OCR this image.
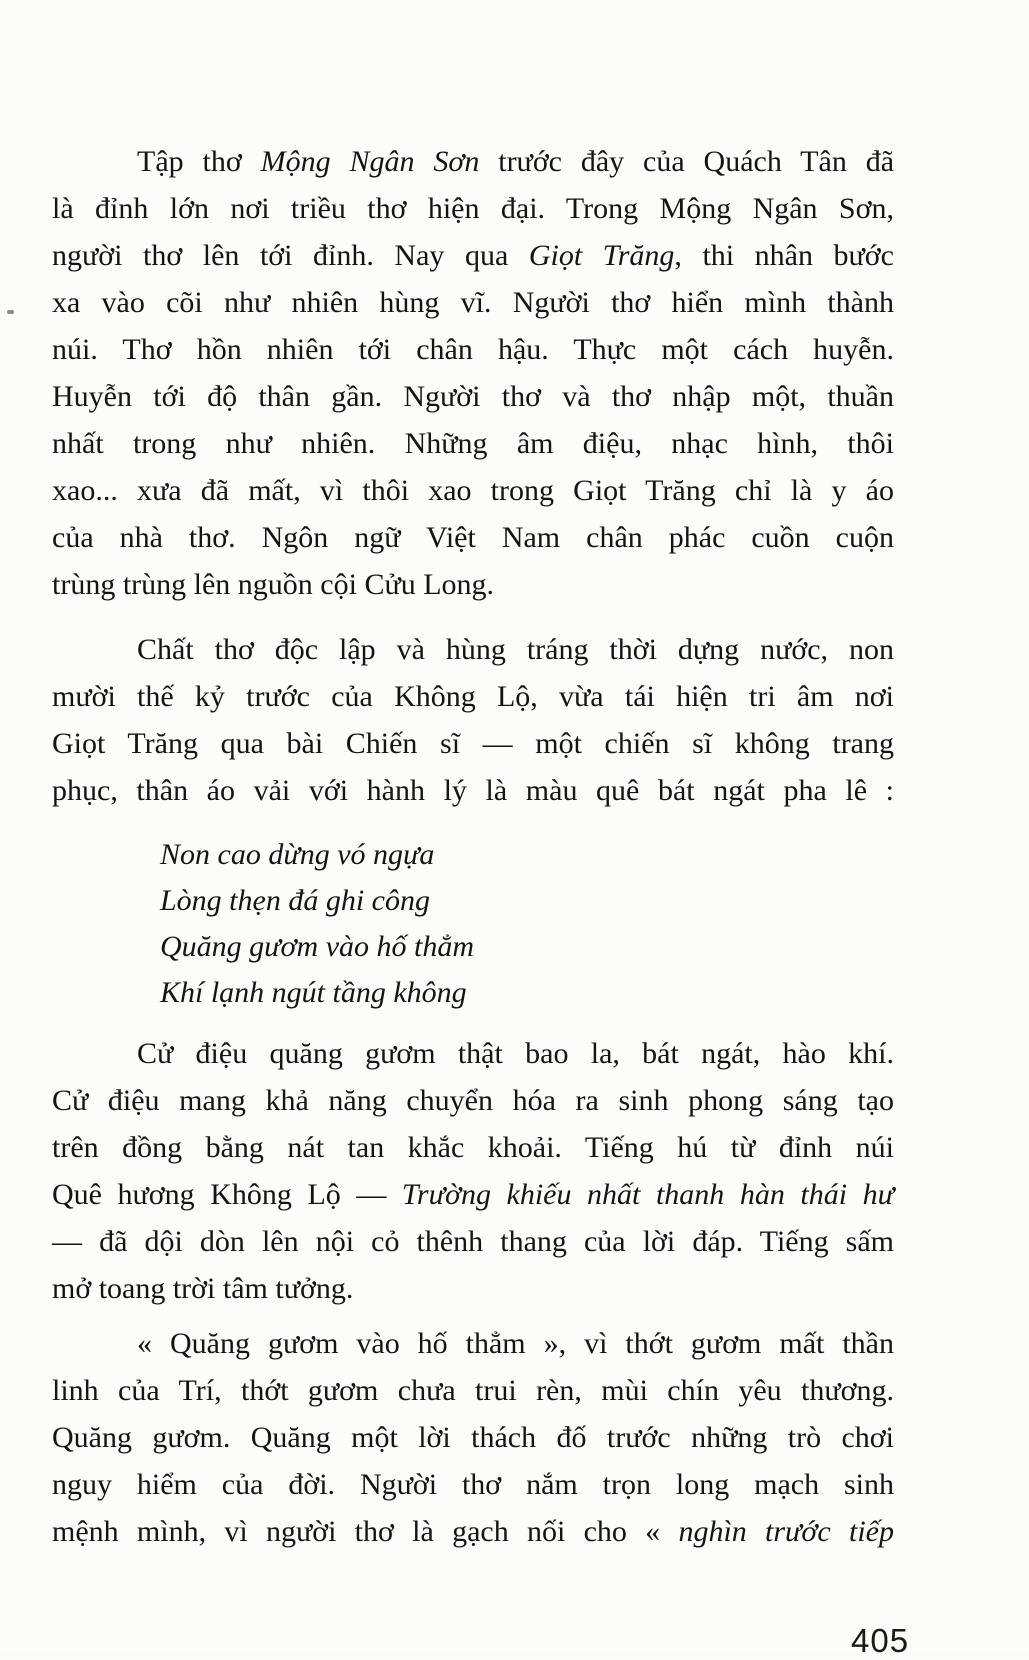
Tập thơ Mộng Ngân Sơn trước đây của Quách Tân đã
là đỉnh lớn nơi triều thơ hiện đại. Trong Mộng Ngân Sơn,
người thơ lên tới đỉnh. Nay qua Giọt Trăng, thi nhân bước
xa vào cõi như nhiên hùng vĩ. Người thơ hiển mình thành
núi. Thơ hồn nhiên tới chân hậu. Thực một cách huyễn.
Huyễn tới độ thân gần. Người thơ và thơ nhập một, thuần
nhất trong như nhiên. Những âm điệu, nhạc hình, thôi
xao... xưa đã mất, vì thôi xao trong Giọt Trăng chỉ là y áo
của nhà thơ. Ngôn ngữ Việt Nam chân phác cuồn cuộn
trùng trùng lên nguồn cội Cửu Long.
Chất thơ độc lập và hùng tráng thời dựng nước, non
mười thế kỷ trước của Không Lộ, vừa tái hiện tri âm nơi
Giọt Trăng qua bài Chiến sĩ — một chiến sĩ không trang
phục, thân áo vải với hành lý là màu quê bát ngát pha lê :
Non cao dừng vó ngựa
Lòng thẹn đá ghi công
Quăng gươm vào hố thẳm
Khí lạnh ngút tầng không
Cử điệu quăng gươm thật bao la, bát ngát, hào khí.
Cử điệu mang khả năng chuyển hóa ra sinh phong sáng tạo
trên đồng bằng nát tan khắc khoải. Tiếng hú từ đỉnh núi
Quê hương Không Lộ — Trường khiếu nhất thanh hàn thái hư
— đã dội dòn lên nội cỏ thênh thang của lời đáp. Tiếng sấm
mở toang trời tâm tưởng.
« Quăng gươm vào hố thẳm », vì thớt gươm mất thần
linh của Trí, thớt gươm chưa trui rèn, mùi chín yêu thương.
Quăng gươm. Quăng một lời thách đố trước những trò chơi
nguy hiểm của đời. Người thơ nắm trọn long mạch sinh
mệnh mình, vì người thơ là gạch nối cho « nghìn trước tiếp
405
